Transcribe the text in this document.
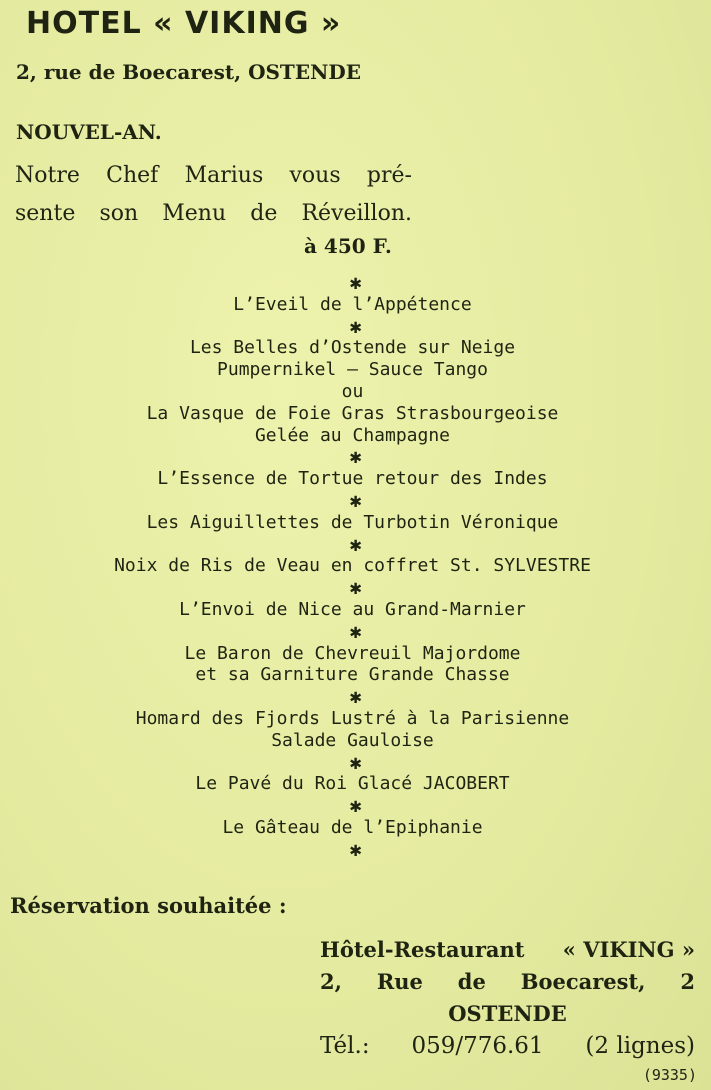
HOTEL « VIKING »
2, rue de Boecarest, OSTENDE
NOUVEL-AN.
Notre Chef Marius vous pré-
sente son Menu de Réveillon.
à 450 F.
✱
L’Eveil de l’Appétence
✱
Les Belles d’Ostende sur Neige
Pumpernikel — Sauce Tango
ou
La Vasque de Foie Gras Strasbourgeoise
Gelée au Champagne
✱
L’Essence de Tortue retour des Indes
✱
Les Aiguillettes de Turbotin Véronique
✱
Noix de Ris de Veau en coffret St. SYLVESTRE
✱
L’Envoi de Nice au Grand-Marnier
✱
Le Baron de Chevreuil Majordome
et sa Garniture Grande Chasse
✱
Homard des Fjords Lustré à la Parisienne
Salade Gauloise
✱
Le Pavé du Roi Glacé JACOBERT
✱
Le Gâteau de l’Epiphanie
✱
Réservation souhaitée :
Hôtel-Restaurant « VIKING »
2, Rue de Boecarest, 2
OSTENDE
Tél.: 059/776.61 (2 lignes)
(9335)
